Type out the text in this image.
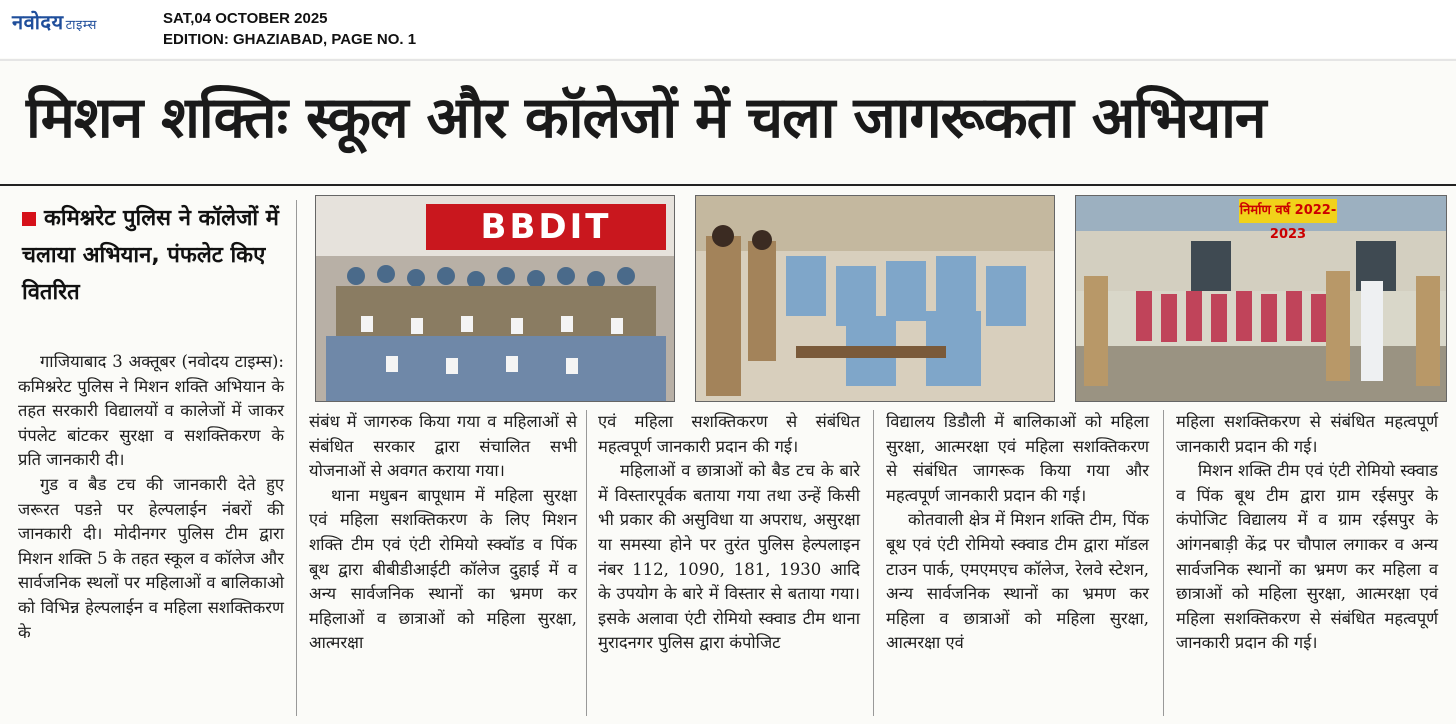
नवोदय टाइम्स	SAT,04 OCTOBER 2025
EDITION: GHAZIABAD, PAGE NO. 1
मिशन शक्तिः स्कूल और कॉलेजों में चला जागरूकता अभियान
कमिश्नरेट पुलिस ने कॉलेजों में चलाया अभियान, पंफलेट किए वितरित
BBDIT	निर्माण वर्ष 2022-2023

गाजियाबाद 3 अक्तूबर (नवोदय टाइम्स): कमिश्नरेट पुलिस ने मिशन शक्ति अभियान के तहत सरकारी विद्यालयों व कालेजों में जाकर पंपलेट बांटकर सुरक्षा व सशक्तिकरण के प्रति जानकारी दी।

गुड व बैड टच की जानकारी देते हुए जरूरत पडऩे पर हेल्पलाईन नंबरों की जानकारी दी। मोदीनगर पुलिस टीम द्वारा मिशन शक्ति 5 के तहत स्कूल व कॉलेज और सार्वजनिक स्थलों पर महिलाओं व बालिकाओ को विभिन्न हेल्पलाईन व महिला सशक्तिकरण के

संबंध में जागरुक किया गया व महिलाओं से संबंधित सरकार द्वारा संचालित सभी योजनाओं से अवगत कराया गया।

थाना मधुबन बापूधाम में महिला सुरक्षा एवं महिला सशक्तिकरण के लिए मिशन शक्ति टीम एवं एंटी रोमियो स्क्वॉड व पिंक बूथ द्वारा बीबीडीआईटी कॉलेज दुहाई में व अन्य सार्वजनिक स्थानों का भ्रमण कर महिलाओं व छात्राओं को महिला सुरक्षा, आत्मरक्षा

एवं महिला सशक्तिकरण से संबंधित महत्वपूर्ण जानकारी प्रदान की गई।

महिलाओं व छात्राओं को बैड टच के बारे में विस्तारपूर्वक बताया गया तथा उन्हें किसी भी प्रकार की असुविधा या अपराध, असुरक्षा या समस्या होने पर तुरंत पुलिस हेल्पलाइन नंबर 112, 1090, 181, 1930 आदि के उपयोग के बारे में विस्तार से बताया गया। इसके अलावा एंटी रोमियो स्क्वाड टीम थाना मुरादनगर पुलिस द्वारा कंपोजिट

विद्यालय डिडौली में बालिकाओं को महिला सुरक्षा, आत्मरक्षा एवं महिला सशक्तिकरण से संबंधित जागरूक किया गया और महत्वपूर्ण जानकारी प्रदान की गई।

कोतवाली क्षेत्र में मिशन शक्ति टीम, पिंक बूथ एवं एंटी रोमियो स्क्वाड टीम द्वारा मॉडल टाउन पार्क, एमएमएच कॉलेज, रेलवे स्टेशन, अन्य सार्वजनिक स्थानों का भ्रमण कर महिला व छात्राओं को महिला सुरक्षा, आत्मरक्षा एवं

महिला सशक्तिकरण से संबंधित महत्वपूर्ण जानकारी प्रदान की गई।

मिशन शक्ति टीम एवं एंटी रोमियो स्क्वाड व पिंक बूथ टीम द्वारा ग्राम रईसपुर के कंपोजिट विद्यालय में व ग्राम रईसपुर के आंगनबाड़ी केंद्र पर चौपाल लगाकर व अन्य सार्वजनिक स्थानों का भ्रमण कर महिला व छात्राओं को महिला सुरक्षा, आत्मरक्षा एवं महिला सशक्तिकरण से संबंधित महत्वपूर्ण जानकारी प्रदान की गई।
